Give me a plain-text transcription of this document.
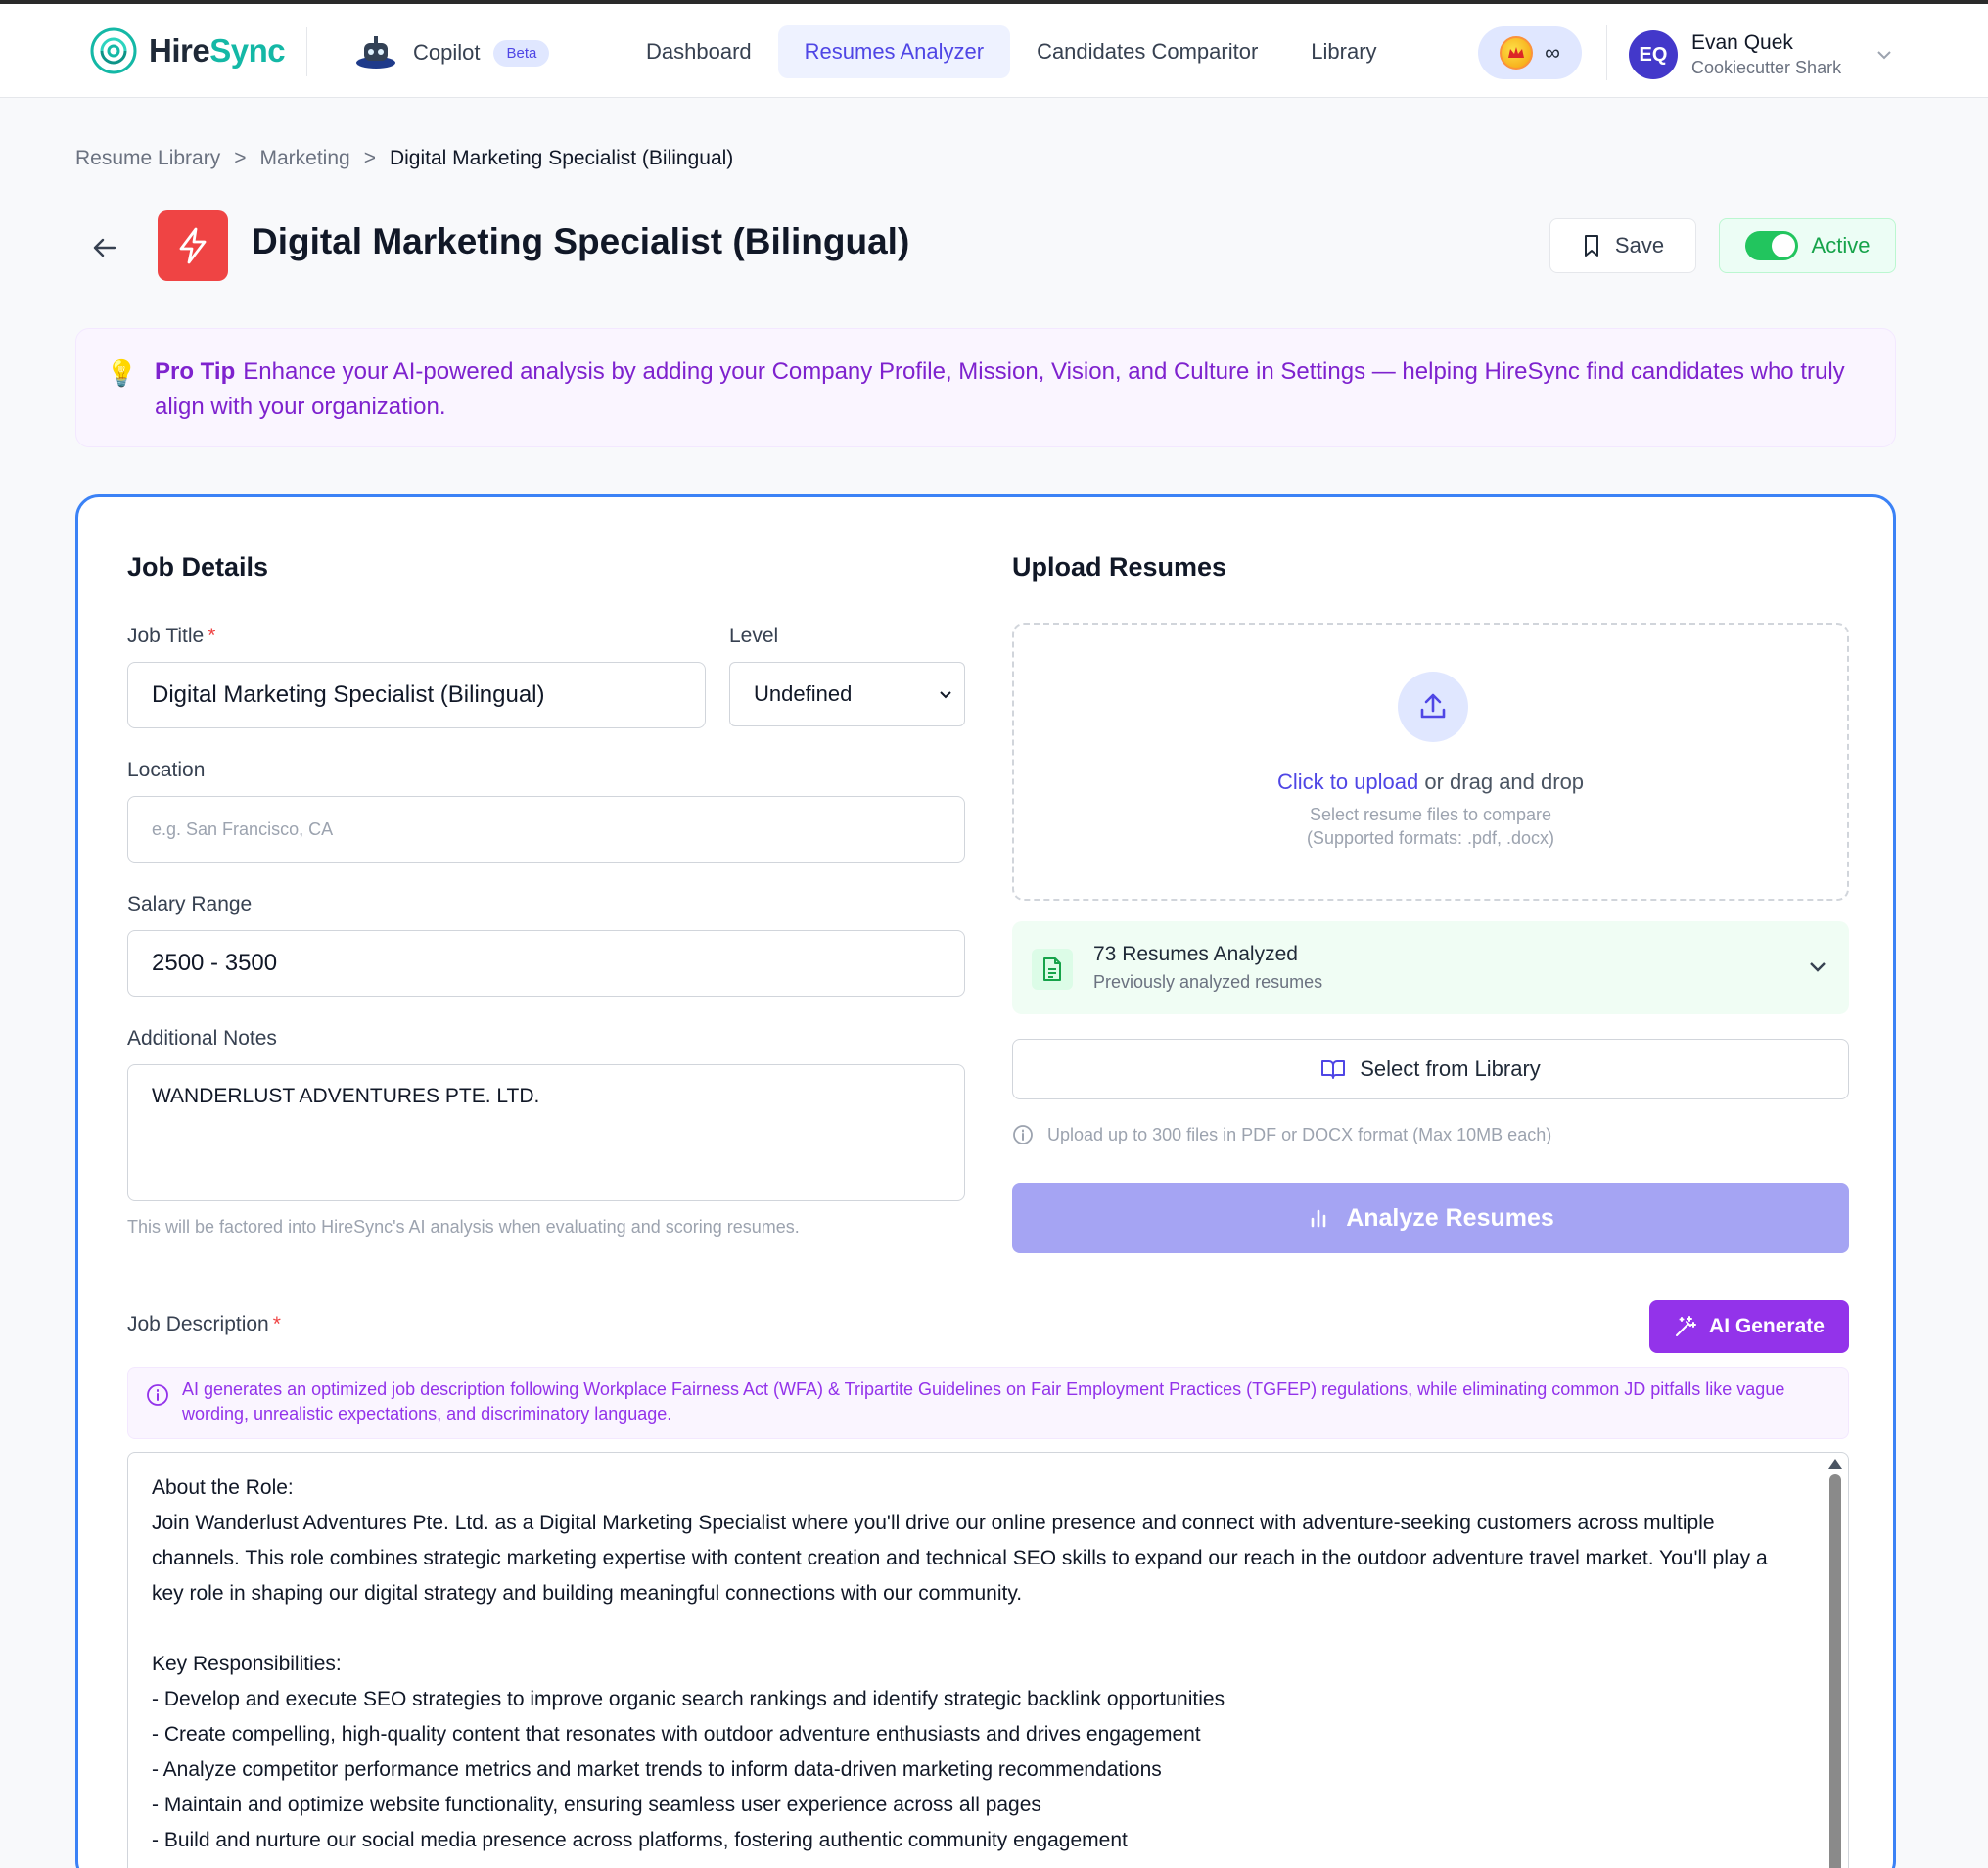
HireSync	Copilot	Beta	Dashboard	Resumes Analyzer	Candidates Comparitor	Library	∞	EQ
Evan Quek
Cookiecutter Shark
Resume Library > Marketing > Digital Marketing Specialist (Bilingual)
Digital Marketing Specialist (Bilingual)	Save	Active
💡 Pro Tip Enhance your AI-powered analysis by adding your Company Profile, Mission, Vision, and Culture in Settings — helping HireSync find candidates who truly align with your organization.

Job Details
Job Title *
Digital Marketing Specialist (Bilingual)
Level
Undefined
Location
e.g. San Francisco, CA
Salary Range
2500 - 3500
Additional Notes
WANDERLUST ADVENTURES PTE. LTD.
This will be factored into HireSync's AI analysis when evaluating and scoring resumes.
Upload Resumes
Click to upload or drag and drop
Select resume files to compare
(Supported formats: .pdf, .docx)
73 Resumes Analyzed
Previously analyzed resumes
Select from Library
Upload up to 300 files in PDF or DOCX format (Max 10MB each)
Analyze Resumes
Job Description *	AI Generate
AI generates an optimized job description following Workplace Fairness Act (WFA) & Tripartite Guidelines on Fair Employment Practices (TGFEP) regulations, while eliminating common JD pitfalls like vague wording, unrealistic expectations, and discriminatory language.
About the Role:
Join Wanderlust Adventures Pte. Ltd. as a Digital Marketing Specialist where you'll drive our online presence and connect with adventure-seeking customers across multiple channels. This role combines strategic marketing expertise with content creation and technical SEO skills to expand our reach in the outdoor adventure travel market. You'll play a key role in shaping our digital strategy and building meaningful connections with our community.

Key Responsibilities:
- Develop and execute SEO strategies to improve organic search rankings and identify strategic backlink opportunities
- Create compelling, high-quality content that resonates with outdoor adventure enthusiasts and drives engagement
- Analyze competitor performance metrics and market trends to inform data-driven marketing recommendations
- Maintain and optimize website functionality, ensuring seamless user experience across all pages
- Build and nurture our social media presence across platforms, fostering authentic community engagement
